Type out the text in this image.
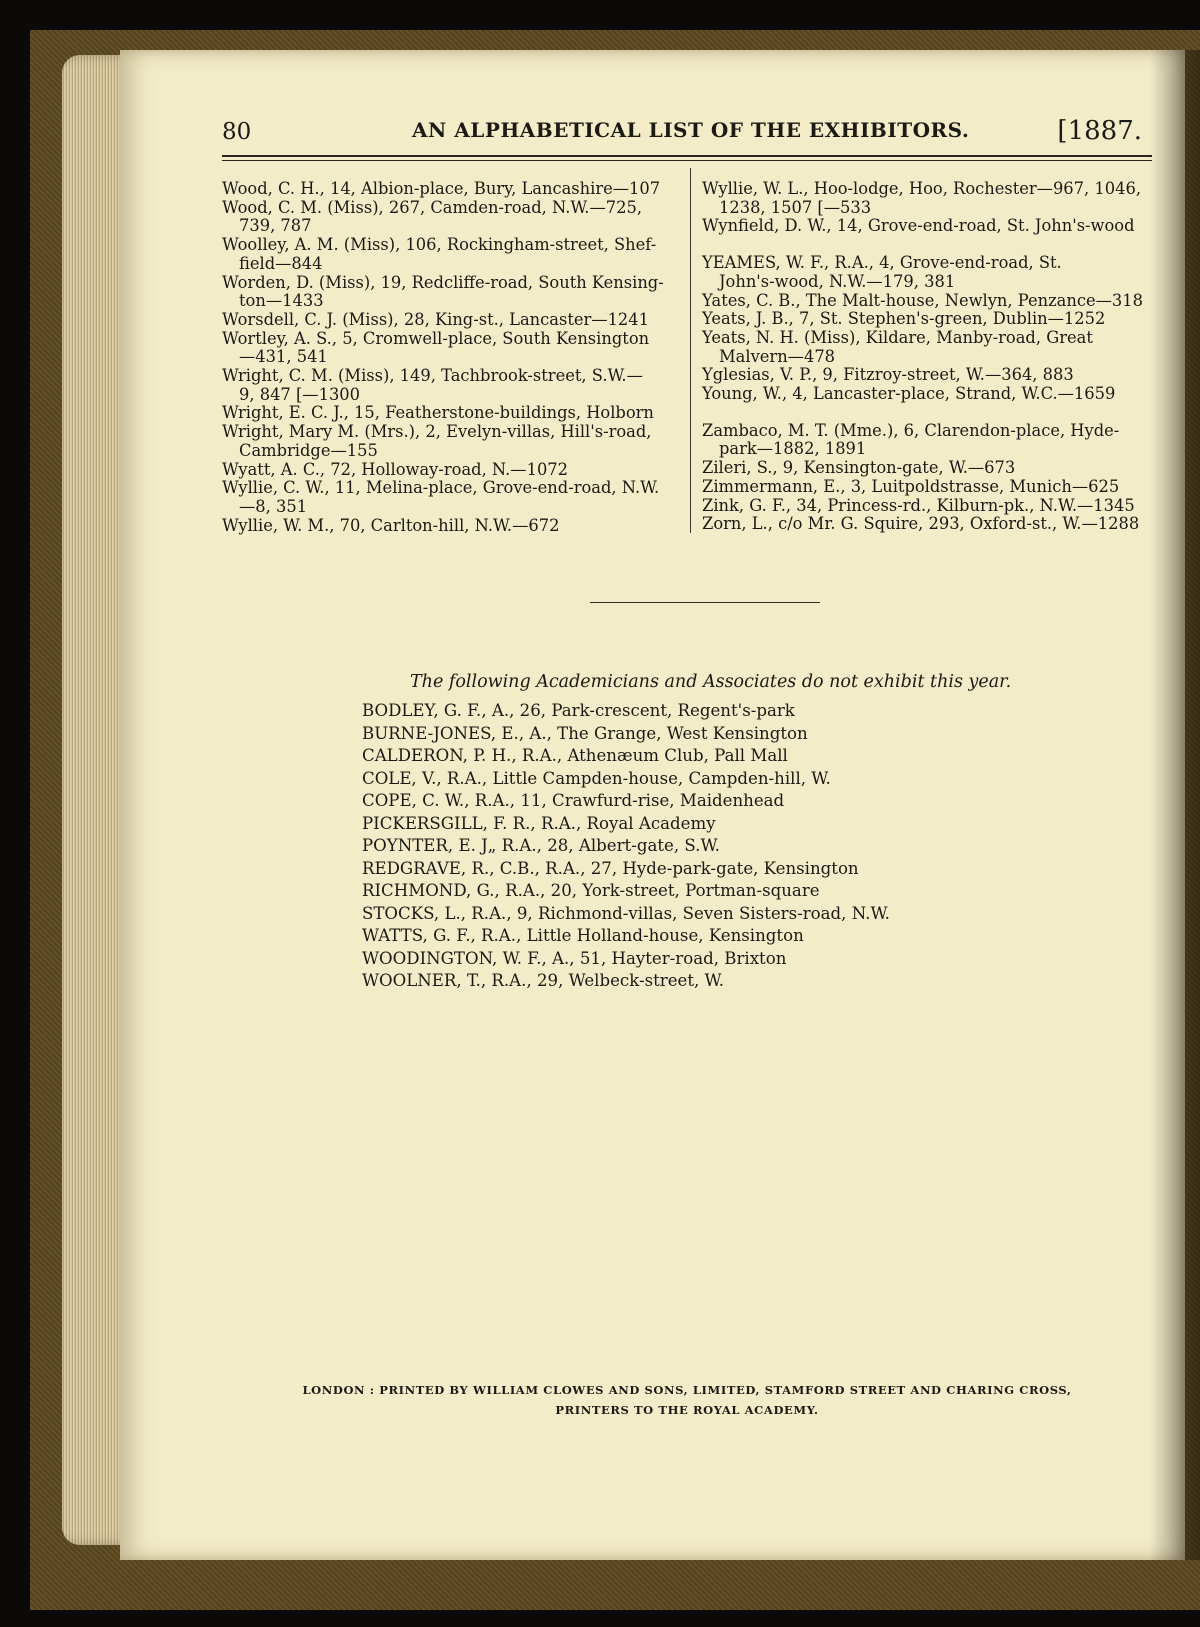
80	AN ALPHABETICAL LIST OF THE EXHIBITORS.	[1887.
Wood, C. H., 14, Albion-place, Bury, Lancashire—107
Wood, C. M. (Miss), 267, Camden-road, N.W.—725,
739, 787
Woolley, A. M. (Miss), 106, Rockingham-street, Shef-
field—844
Worden, D. (Miss), 19, Redcliffe-road, South Kensing-
ton—1433
Worsdell, C. J. (Miss), 28, King-st., Lancaster—1241
Wortley, A. S., 5, Cromwell-place, South Kensington
—431, 541
Wright, C. M. (Miss), 149, Tachbrook-street, S.W.—
9, 847 [—1300
Wright, E. C. J., 15, Featherstone-buildings, Holborn
Wright, Mary M. (Mrs.), 2, Evelyn-villas, Hill's-road,
Cambridge—155
Wyatt, A. C., 72, Holloway-road, N.—1072
Wyllie, C. W., 11, Melina-place, Grove-end-road, N.W.
—8, 351
Wyllie, W. M., 70, Carlton-hill, N.W.—672
Wyllie, W. L., Hoo-lodge, Hoo, Rochester—967, 1046,
1238, 1507 [—533
Wynfield, D. W., 14, Grove-end-road, St. John's-wood
YEAMES, W. F., R.A., 4, Grove-end-road, St.
John's-wood, N.W.—179, 381
Yates, C. B., The Malt-house, Newlyn, Penzance—318
Yeats, J. B., 7, St. Stephen's-green, Dublin—1252
Yeats, N. H. (Miss), Kildare, Manby-road, Great
Malvern—478
Yglesias, V. P., 9, Fitzroy-street, W.—364, 883
Young, W., 4, Lancaster-place, Strand, W.C.—1659
Zambaco, M. T. (Mme.), 6, Clarendon-place, Hyde-
park—1882, 1891
Zileri, S., 9, Kensington-gate, W.—673
Zimmermann, E., 3, Luitpoldstrasse, Munich—625
Zink, G. F., 34, Princess-rd., Kilburn-pk., N.W.—1345
Zorn, L., c/o Mr. G. Squire, 293, Oxford-st., W.—1288
The following Academicians and Associates do not exhibit this year.
BODLEY, G. F., A., 26, Park-crescent, Regent's-park
BURNE-JONES, E., A., The Grange, West Kensington
CALDERON, P. H., R.A., Athenæum Club, Pall Mall
COLE, V., R.A., Little Campden-house, Campden-hill, W.
COPE, C. W., R.A., 11, Crawfurd-rise, Maidenhead
PICKERSGILL, F. R., R.A., Royal Academy
POYNTER, E. J„ R.A., 28, Albert-gate, S.W.
REDGRAVE, R., C.B., R.A., 27, Hyde-park-gate, Kensington
RICHMOND, G., R.A., 20, York-street, Portman-square
STOCKS, L., R.A., 9, Richmond-villas, Seven Sisters-road, N.W.
WATTS, G. F., R.A., Little Holland-house, Kensington
WOODINGTON, W. F., A., 51, Hayter-road, Brixton
WOOLNER, T., R.A., 29, Welbeck-street, W.
LONDON : PRINTED BY WILLIAM CLOWES AND SONS, LIMITED, STAMFORD STREET AND CHARING CROSS,
PRINTERS TO THE ROYAL ACADEMY.
